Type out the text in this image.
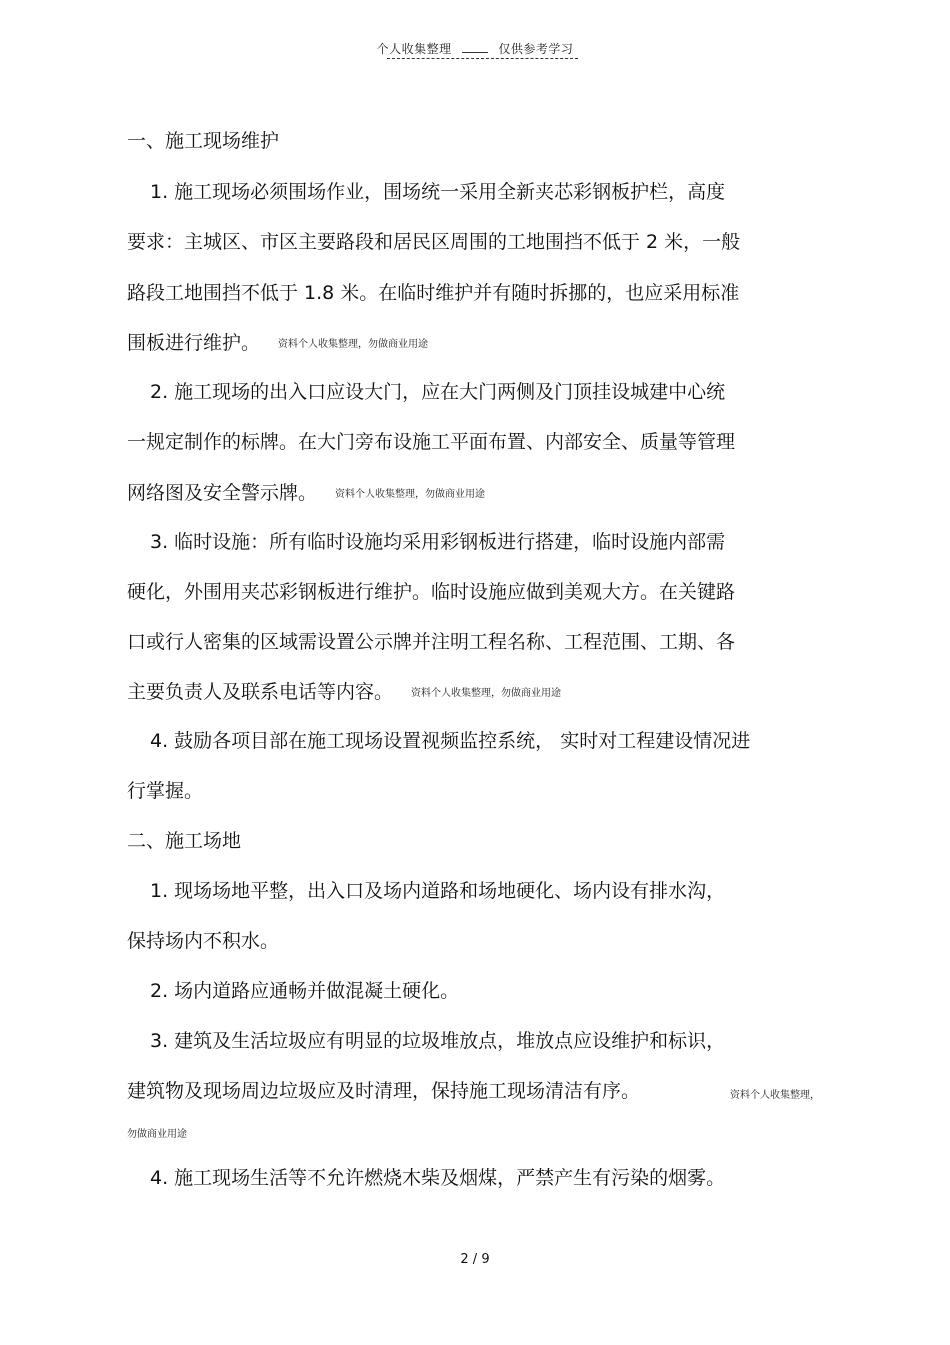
个人收集整理	仅供参考学习
一、施工现场维护
1. 施工现场必须围场作业，围场统一采用全新夹芯彩钢板护栏，高度
要求：主城区、市区主要路段和居民区周围的工地围挡不低于 2 米，一般
路段工地围挡不低于 1.8 米。在临时维护并有随时拆挪的，也应采用标准
围板进行维护。 资料个人收集整理，勿做商业用途
2. 施工现场的出入口应设大门，应在大门两侧及门顶挂设城建中心统
一规定制作的标牌。在大门旁布设施工平面布置、内部安全、质量等管理
网络图及安全警示牌。 资料个人收集整理，勿做商业用途
3. 临时设施：所有临时设施均采用彩钢板进行搭建，临时设施内部需
硬化，外围用夹芯彩钢板进行维护。临时设施应做到美观大方。在关键路
口或行人密集的区域需设置公示牌并注明工程名称、工程范围、工期、各
主要负责人及联系电话等内容。 资料个人收集整理，勿做商业用途
4. 鼓励各项目部在施工现场设置视频监控系统， 实时对工程建设情况进
行掌握。
二、施工场地
1. 现场场地平整，出入口及场内道路和场地硬化、场内设有排水沟，
保持场内不积水。
2. 场内道路应通畅并做混凝土硬化。
3. 建筑及生活垃圾应有明显的垃圾堆放点，堆放点应设维护和标识，
建筑物及现场周边垃圾应及时清理，保持施工现场清洁有序。	资料个人收集整理，
勿做商业用途
4. 施工现场生活等不允许燃烧木柴及烟煤，严禁产生有污染的烟雾。
2 / 9
